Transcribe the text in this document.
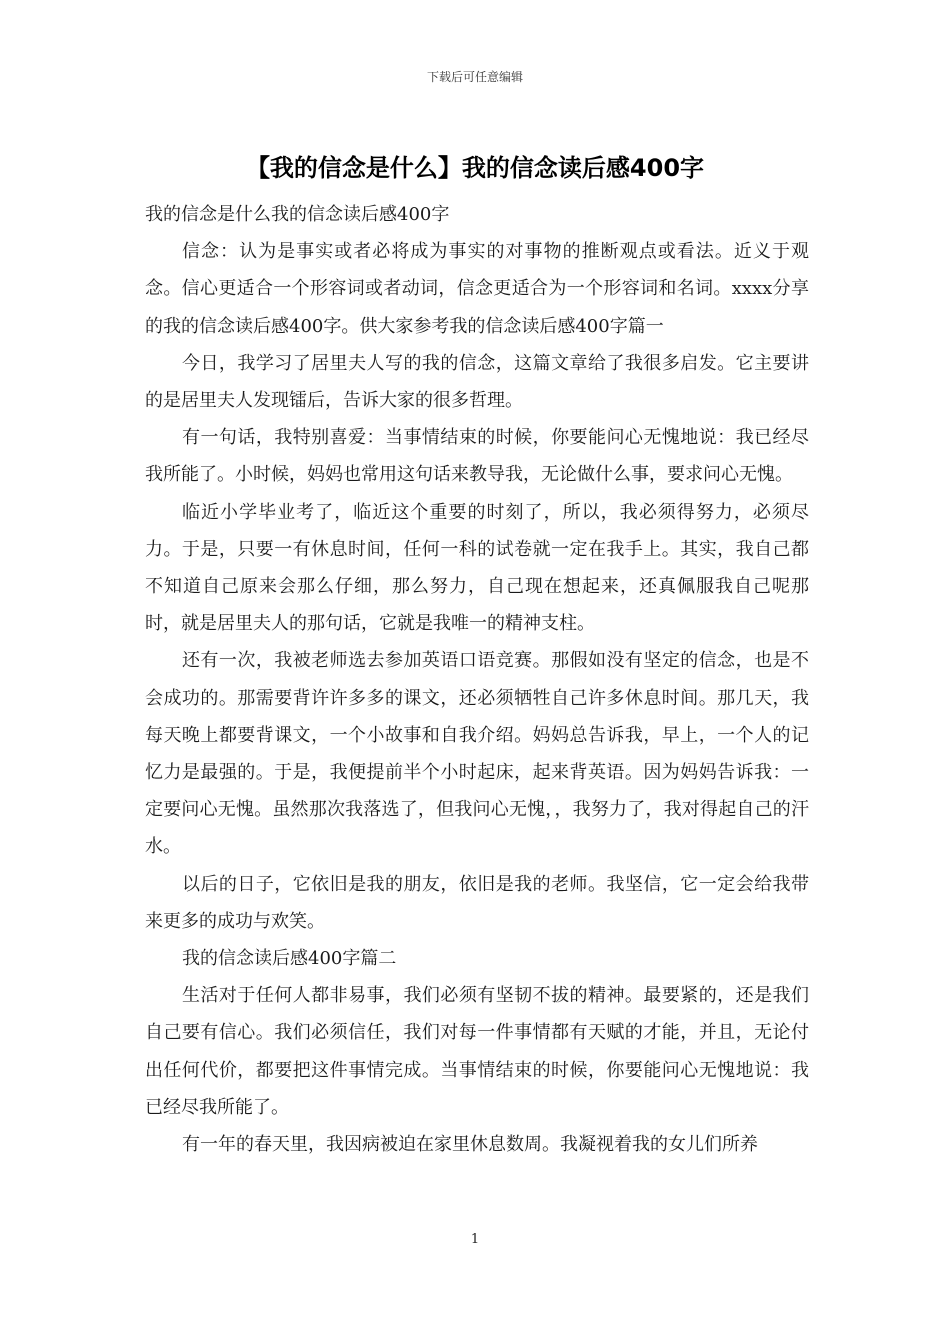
下载后可任意编辑
【我的信念是什么】我的信念读后感400字

我的信念是什么我的信念读后感400字

信念：认为是事实或者必将成为事实的对事物的推断观点或看法。近义于观念。信心更适合一个形容词或者动词，信念更适合为一个形容词和名词。xxxx分享的我的信念读后感400字。供大家参考我的信念读后感400字篇一

今日，我学习了居里夫人写的我的信念，这篇文章给了我很多启发。它主要讲的是居里夫人发现镭后，告诉大家的很多哲理。

有一句话，我特别喜爱：当事情结束的时候，你要能问心无愧地说：我已经尽我所能了。小时候，妈妈也常用这句话来教导我，无论做什么事，要求问心无愧。

临近小学毕业考了，临近这个重要的时刻了，所以，我必须得努力，必须尽力。于是，只要一有休息时间，任何一科的试卷就一定在我手上。其实，我自己都不知道自己原来会那么仔细，那么努力，自己现在想起来，还真佩服我自己呢那时，就是居里夫人的那句话，它就是我唯一的精神支柱。

还有一次，我被老师选去参加英语口语竞赛。那假如没有坚定的信念，也是不会成功的。那需要背许许多多的课文，还必须牺牲自己许多休息时间。那几天，我每天晚上都要背课文，一个小故事和自我介绍。妈妈总告诉我，早上，一个人的记忆力是最强的。于是，我便提前半个小时起床，起来背英语。因为妈妈告诉我：一定要问心无愧。虽然那次我落选了，但我问心无愧，，我努力了，我对得起自己的汗水。

以后的日子，它依旧是我的朋友，依旧是我的老师。我坚信，它一定会给我带来更多的成功与欢笑。

我的信念读后感400字篇二

生活对于任何人都非易事，我们必须有坚韧不拔的精神。最要紧的，还是我们自己要有信心。我们必须信任，我们对每一件事情都有天赋的才能，并且，无论付出任何代价，都要把这件事情完成。当事情结束的时候，你要能问心无愧地说：我已经尽我所能了。

有一年的春天里，我因病被迫在家里休息数周。我凝视着我的女儿们所养

1
